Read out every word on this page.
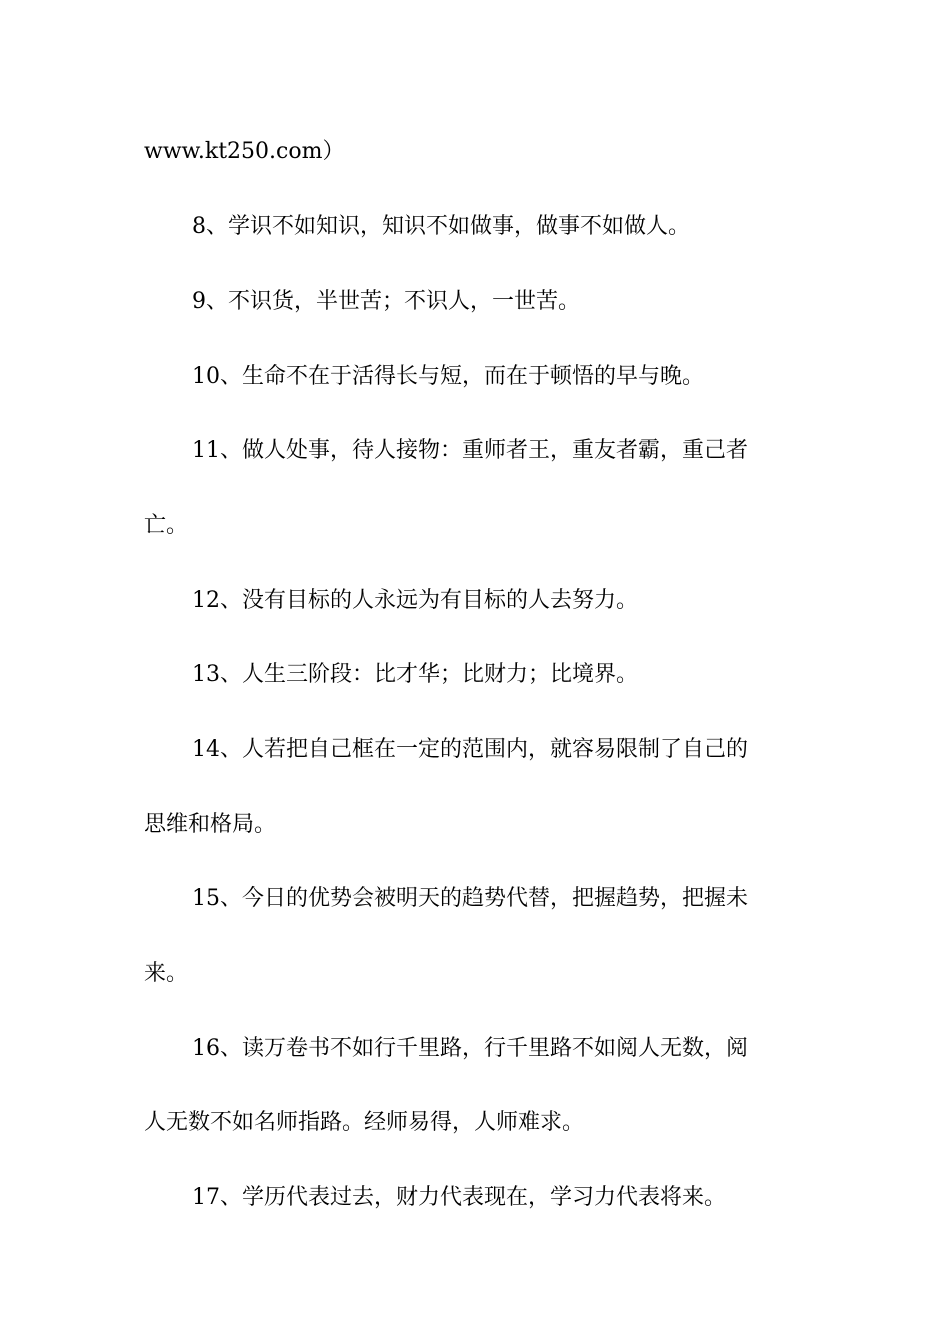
www.kt250.com）
8、学识不如知识，知识不如做事，做事不如做人。
9、不识货，半世苦；不识人，一世苦。
10、生命不在于活得长与短，而在于顿悟的早与晚。
11、做人处事，待人接物：重师者王，重友者霸，重己者
亡。
12、没有目标的人永远为有目标的人去努力。
13、人生三阶段：比才华；比财力；比境界。
14、人若把自己框在一定的范围内，就容易限制了自己的
思维和格局。
15、今日的优势会被明天的趋势代替，把握趋势，把握未
来。
16、读万卷书不如行千里路，行千里路不如阅人无数，阅
人无数不如名师指路。经师易得，人师难求。
17、学历代表过去，财力代表现在，学习力代表将来。
